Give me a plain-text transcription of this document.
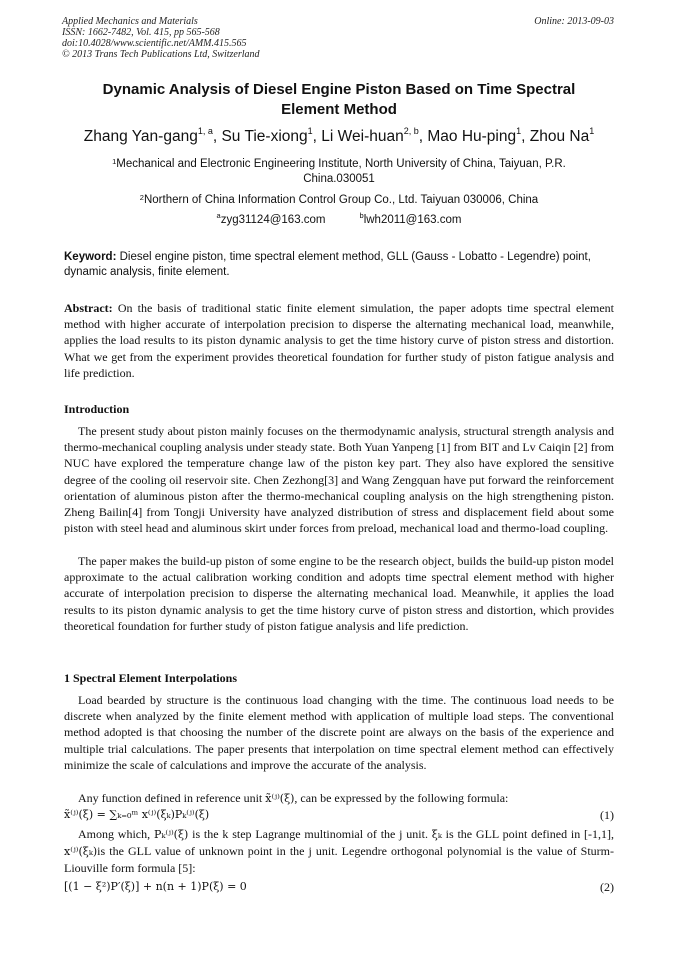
Applied Mechanics and Materials
ISSN: 1662-7482, Vol. 415, pp 565-568
doi:10.4028/www.scientific.net/AMM.415.565
© 2013 Trans Tech Publications Ltd, Switzerland
Online: 2013-09-03
Dynamic Analysis of Diesel Engine Piston Based on Time Spectral
Element Method
Zhang Yan-gang$^{1, a}$, Su Tie-xiong$^1$, Li Wei-huan$^{2, b}$, Mao Hu-ping$^1$, Zhou Na$^1$
$^1$Mechanical and Electronic Engineering Institute, North University of China, Taiyuan, P.R.
China.030051
$^2$Northern of China Information Control Group Co., Ltd. Taiyuan 030006, China
$^a$zyg31124@163.com	$^b$lwh2011@163.com
Keyword: Diesel engine piston, time spectral element method, GLL (Gauss - Lobatto - Legendre) point, dynamic analysis, finite element.
Abstract: On the basis of traditional static finite element simulation, the paper adopts time spectral element method with higher accurate of interpolation precision to disperse the alternating mechanical load, meanwhile, applies the load results to its piston dynamic analysis to get the time history curve of piston stress and distortion. What we get from the experiment provides theoretical foundation for further study of piston fatigue analysis and life prediction.
Introduction
The present study about piston mainly focuses on the thermodynamic analysis, structural strength analysis and thermo-mechanical coupling analysis under steady state. Both Yuan Yanpeng [1] from BIT and Lv Caiqin [2] from NUC have explored the temperature change law of the piston key part. They also have explored the sensitive degree of the cooling oil reservoir site. Chen Zezhong[3] and Wang Zengquan have put forward the reinforcement orientation of aluminous piston after the thermo-mechanical coupling analysis on the high strengthening piston. Zheng Bailin[4] from Tongji University have analyzed distribution of stress and displacement field about some piston with steel head and aluminous skirt under forces from preload, mechanical load and thermo-load coupling.
The paper makes the build-up piston of some engine to be the research object, builds the build-up piston model approximate to the actual calibration working condition and adopts time spectral element method with higher accurate of interpolation precision to disperse the alternating mechanical load. Meanwhile, it applies the load results to its piston dynamic analysis to get the time history curve of piston stress and distortion, which provides theoretical foundation for further study of piston fatigue analysis and life prediction.
1 Spectral Element Interpolations
Load bearded by structure is the continuous load changing with the time. The continuous load needs to be discrete when analyzed by the finite element method with application of multiple load steps. The conventional method adopted is that choosing the number of the discrete point are always on the basis of the experience and multiple trial calculations. The paper presents that interpolation on time spectral element method can effectively minimize the scale of calculations and improve the accurate of the analysis.
Any function defined in reference unit x̃⁽ʲ⁾(ξ), can be expressed by the following formula:
x̃⁽ʲ⁾(ξ) = ∑ₖ₌₀ᵐ x⁽ʲ⁾(ξₖ)Pₖ⁽ʲ⁾(ξ)	(1)
Among which, Pₖ⁽ʲ⁾(ξ) is the k step Lagrange multinomial of the j unit. ξₖ is the GLL point defined in [-1,1], x⁽ʲ⁾(ξₖ)is the GLL value of unknown point in the j unit. Legendre orthogonal polynomial is the value of Sturm- Liouville form formula [5]:
[(1 − ξ²)P′(ξ)] + n(n + 1)P(ξ) = 0	(2)
